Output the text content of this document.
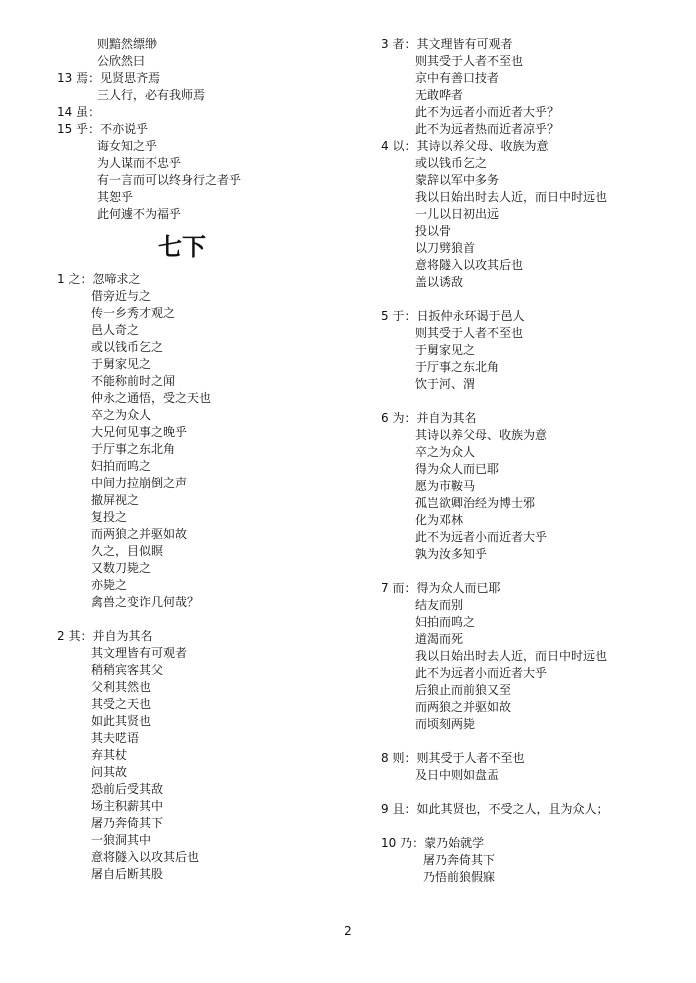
则黯然缥缈
公欣然曰
13 焉：见贤思齐焉
三人行，必有我师焉
14 虽：
15 乎：不亦说乎
诲女知之乎
为人谋而不忠乎
有一言而可以终身行之者乎
其恕乎
此何遽不为福乎
七下
1 之：忽啼求之
借旁近与之
传一乡秀才观之
邑人奇之
或以钱币乞之
于舅家见之
不能称前时之闻
仲永之通悟，受之天也
卒之为众人
大兄何见事之晚乎
于厅事之东北角
妇拍而呜之
中间力拉崩倒之声
撤屏视之
复投之
而两狼之并驱如故
久之，目似瞑
又数刀毙之
亦毙之
禽兽之变诈几何哉？
2 其：并自为其名
其文理皆有可观者
稍稍宾客其父
父利其然也
其受之天也
如此其贤也
其夫呓语
弃其杖
问其故
恐前后受其敌
场主积薪其中
屠乃奔倚其下
一狼洞其中
意将隧入以攻其后也
屠自后断其股
3 者：其文理皆有可观者
则其受于人者不至也
京中有善口技者
无敢哗者
此不为远者小而近者大乎？
此不为远者热而近者凉乎？
4 以：其诗以养父母、收族为意
或以钱币乞之
蒙辞以军中多务
我以日始出时去人近，而日中时远也
一儿以日初出远
投以骨
以刀劈狼首
意将隧入以攻其后也
盖以诱敌
5 于：日扳仲永环谒于邑人
则其受于人者不至也
于舅家见之
于厅事之东北角
饮于河、渭
6 为：并自为其名
其诗以养父母、收族为意
卒之为众人
得为众人而已耶
愿为市鞍马
孤岂欲卿治经为博士邪
化为邓林
此不为远者小而近者大乎
孰为汝多知乎
7 而：得为众人而已耶
结友而别
妇拍而呜之
道渴而死
我以日始出时去人近，而日中时远也
此不为远者小而近者大乎
后狼止而前狼又至
而两狼之并驱如故
而顷刻两毙
8 则：则其受于人者不至也
及日中则如盘盂
9 且：如此其贤也，不受之人，且为众人；
10 乃：蒙乃始就学
屠乃奔倚其下
乃悟前狼假寐
2
